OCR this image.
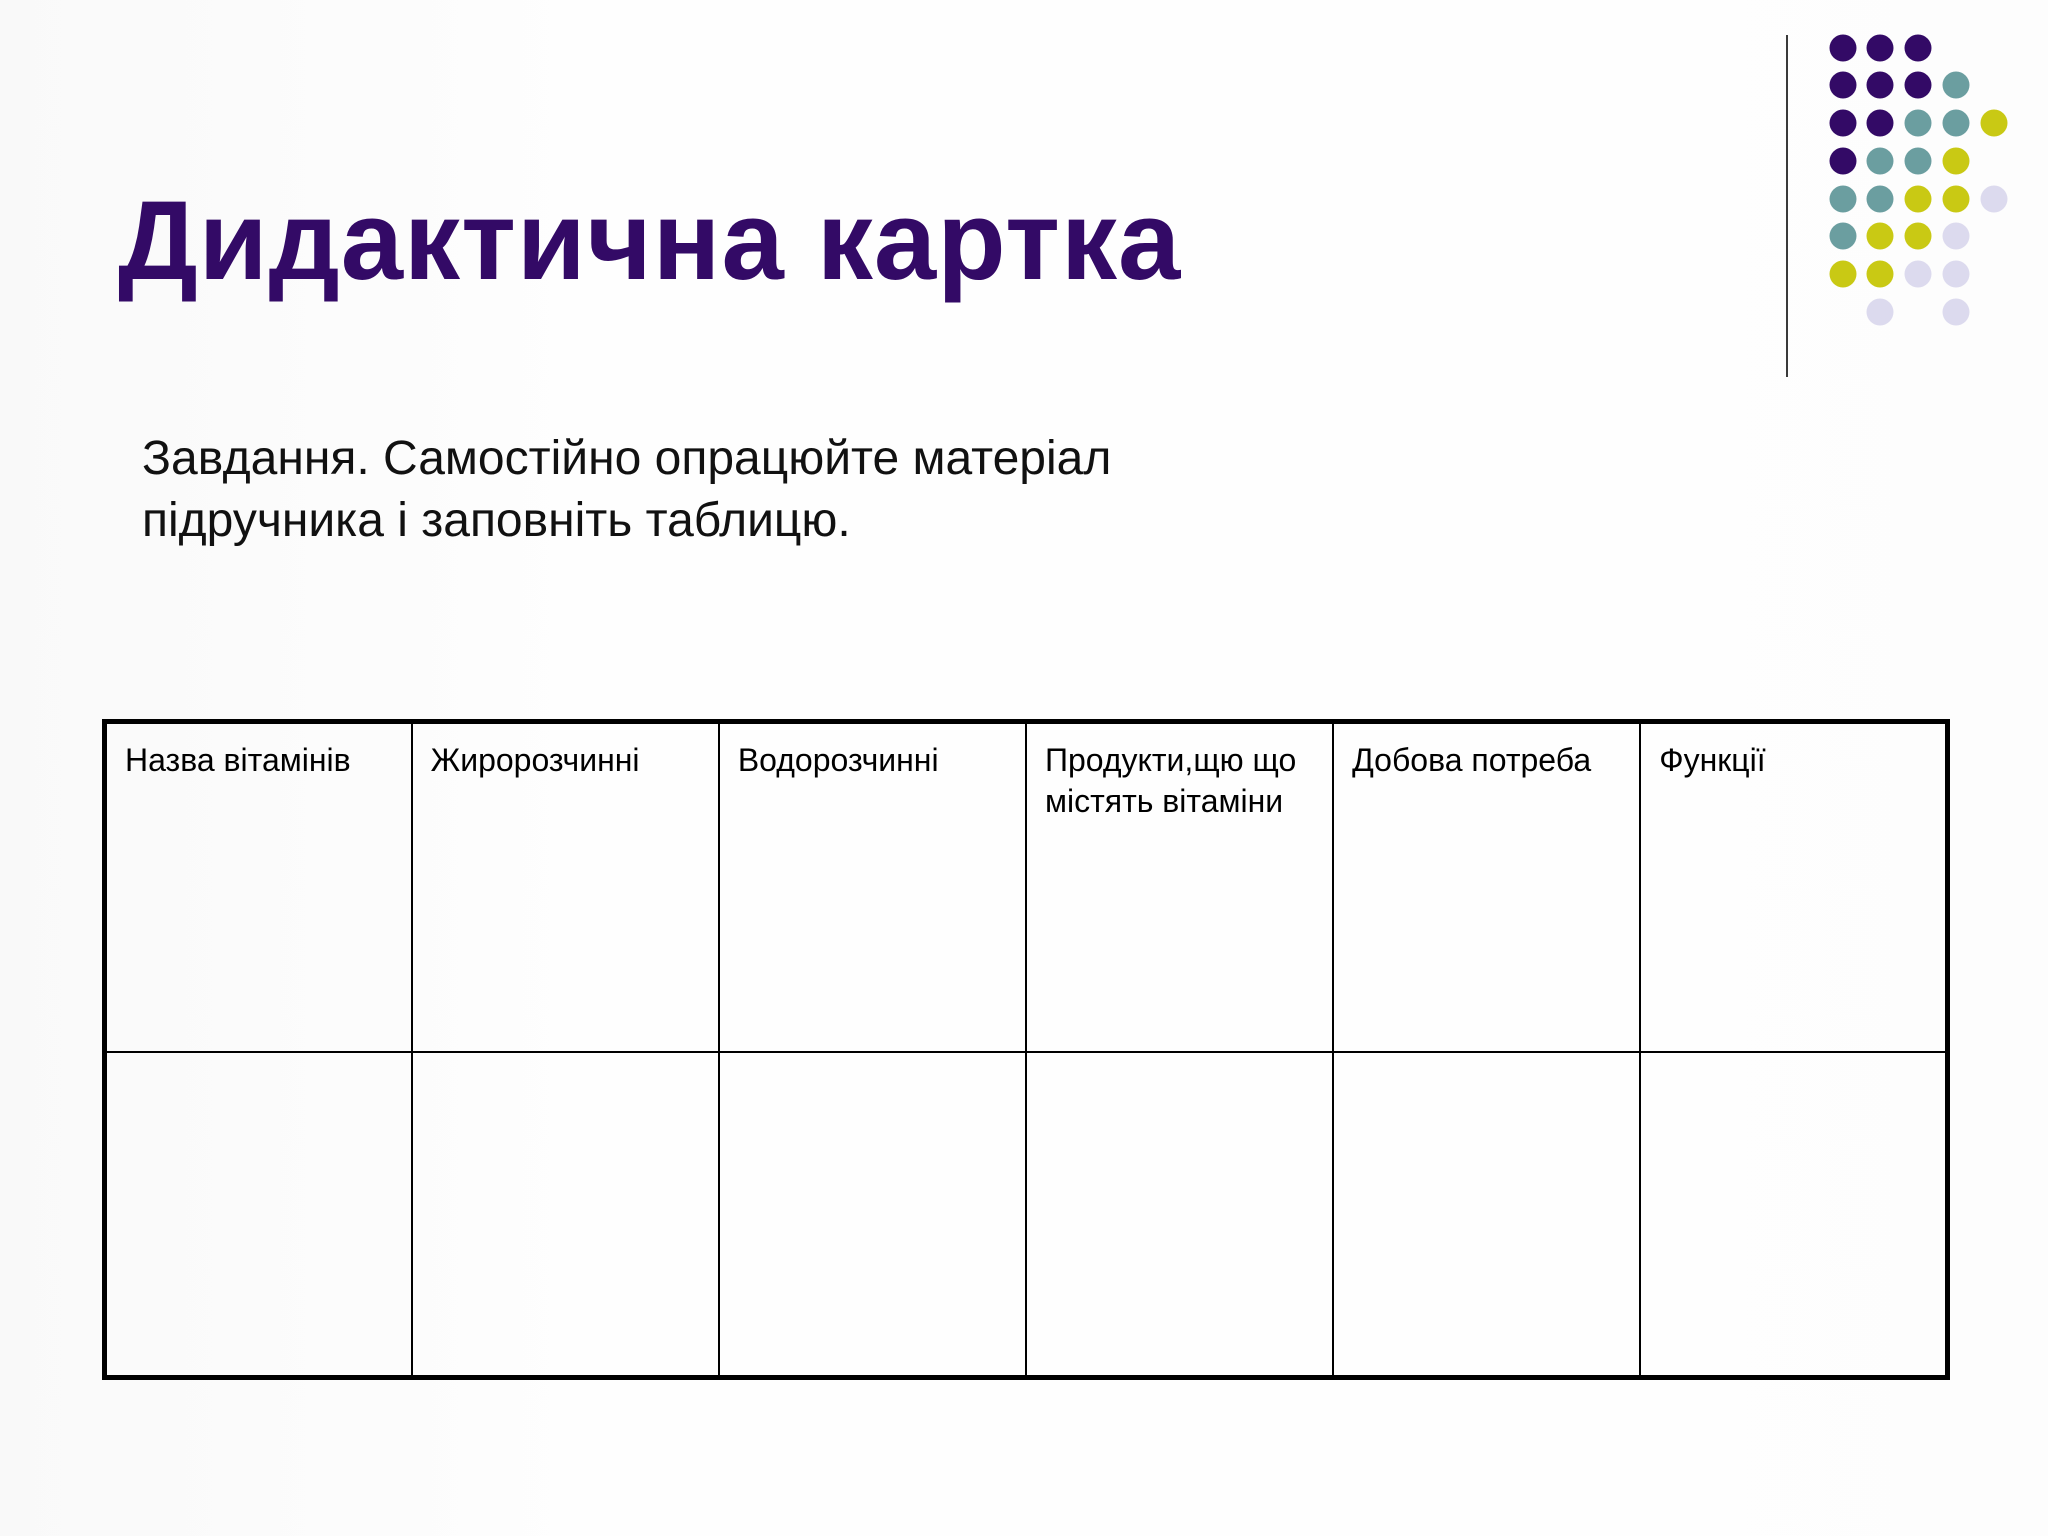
Дидактична картка

Завдання. Самостійно опрацюйте матеріал
підручника і заповніть таблицю.

Назва вітамінів	Жиророзчинні	Водорозчинні	Продукти,щю що містять вітаміни	Добова потреба	Функції
